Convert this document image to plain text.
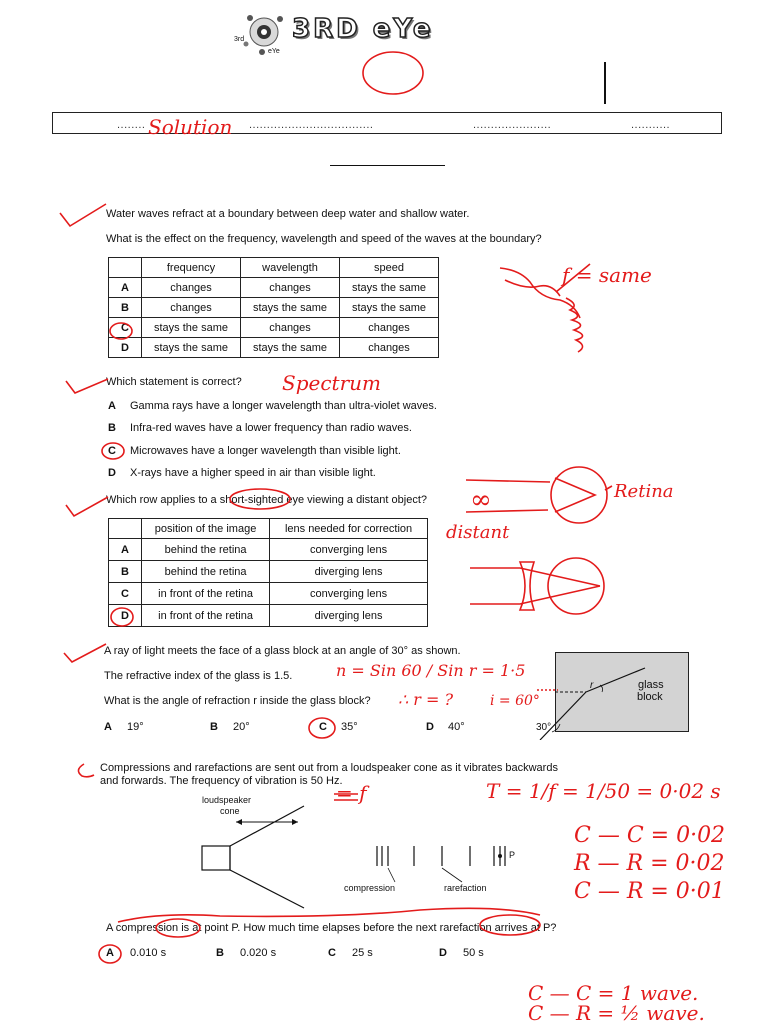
3rd
eYe
3RD eYe
........	...................................	......................	...........
Water waves refract at a boundary between deep water and shallow water.
What is the effect on the frequency, wavelength and speed of the waves at the boundary?
	frequency	wavelength	speed
A	changes	changes	stays the same
B	changes	stays the same	stays the same
C	stays the same	changes	changes
D	stays the same	stays the same	changes
Which statement is correct?
A Gamma rays have a longer wavelength than ultra-violet waves.
B Infra-red waves have a lower frequency than radio waves.
C Microwaves have a longer wavelength than visible light.
D X-rays have a higher speed in air than visible light.
Which row applies to a short-sighted eye viewing a distant object?
	position of the image	lens needed for correction
A	behind the retina	converging lens
B	behind the retina	diverging lens
C	in front of the retina	converging lens
D	in front of the retina	diverging lens
A ray of light meets the face of a glass block at an angle of 30° as shown.
The refractive index of the glass is 1.5.
What is the angle of refraction r inside the glass block?
A 19°	B 20°	C 35°	D 40°
glass
block
r
30°
Compressions and rarefactions are sent out from a loudspeaker cone as it vibrates backwards
and forwards. The frequency of vibration is 50 Hz.
loudspeaker
cone
compression	rarefaction
P
A compression is at point P. How much time elapses before the next rarefaction arrives at P?
A 0.010 s	B 0.020 s	C 25 s	D 50 s
Solution
f = same
Spectrum
Retina
∞
distant
n = Sin 60 / Sin r = 1·5
∴ r = ?	i = 60°
= f	T = 1/f = 1/50 = 0·02 s
C — C = 0·02
R — R = 0·02
C — R = 0·01
C — C = 1 wave.
C — R = ½ wave.
